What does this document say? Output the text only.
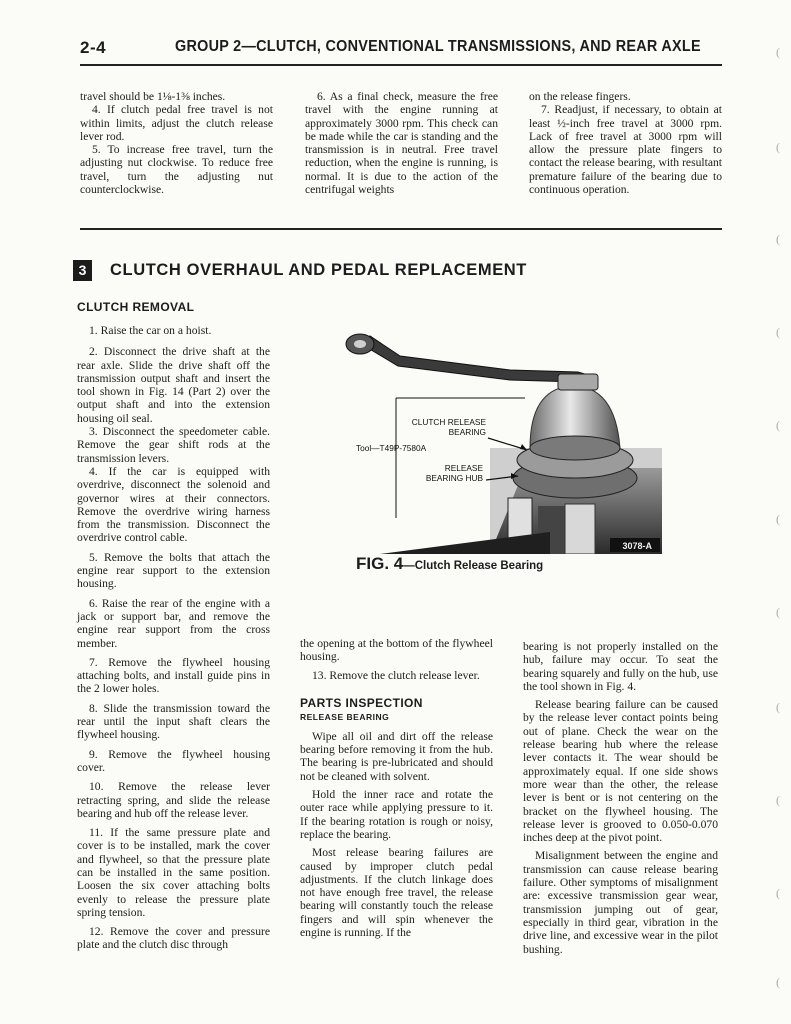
2-4	GROUP 2—CLUTCH, CONVENTIONAL TRANSMISSIONS, AND REAR AXLE

travel should be 1⅛-1⅜ inches.

4. If clutch pedal free travel is not within limits, adjust the clutch release lever rod.

5. To increase free travel, turn the adjusting nut clockwise. To reduce free travel, turn the adjusting nut counterclockwise.

6. As a final check, measure the free travel with the engine running at approximately 3000 rpm. This check can be made while the car is standing and the transmission is in neutral. Free travel reduction, when the engine is running, is normal. It is due to the action of the centrifugal weights

on the release fingers.

7. Readjust, if necessary, to obtain at least ½-inch free travel at 3000 rpm. Lack of free travel at 3000 rpm will allow the pressure plate fingers to contact the release bearing, with resultant premature failure of the bearing due to continuous operation.

3	CLUTCH OVERHAUL AND PEDAL REPLACEMENT

CLUTCH REMOVAL

1. Raise the car on a hoist.

2. Disconnect the drive shaft at the rear axle. Slide the drive shaft off the transmission output shaft and insert the tool shown in Fig. 14 (Part 2) over the output shaft and into the extension housing oil seal.

3. Disconnect the speedometer cable. Remove the gear shift rods at the transmission levers.

4. If the car is equipped with overdrive, disconnect the solenoid and governor wires at their connectors. Remove the overdrive wiring harness from the transmission. Disconnect the overdrive control cable.

5. Remove the bolts that attach the engine rear support to the extension housing.

6. Raise the rear of the engine with a jack or support bar, and remove the engine rear support from the cross member.

7. Remove the flywheel housing attaching bolts, and install guide pins in the 2 lower holes.

8. Slide the transmission toward the rear until the input shaft clears the flywheel housing.

9. Remove the flywheel housing cover.

10. Remove the release lever retracting spring, and slide the release bearing and hub off the release lever.

11. If the same pressure plate and cover is to be installed, mark the cover and flywheel, so that the pressure plate can be installed in the same position. Loosen the six cover attaching bolts evenly to release the pressure plate spring tension.

12. Remove the cover and pressure plate and the clutch disc through

CLUTCH RELEASE
BEARING
Tool—T49P-7580A
RELEASE
BEARING HUB
3078-A
FIG. 4—Clutch Release Bearing

the opening at the bottom of the flywheel housing.

13. Remove the clutch release lever.

PARTS INSPECTION

RELEASE BEARING

Wipe all oil and dirt off the release bearing before removing it from the hub. The bearing is pre-lubricated and should not be cleaned with solvent.

Hold the inner race and rotate the outer race while applying pressure to it. If the bearing rotation is rough or noisy, replace the bearing.

Most release bearing failures are caused by improper clutch pedal adjustments. If the clutch linkage does not have enough free travel, the release bearing will constantly touch the release fingers and will spin whenever the engine is running. If the

bearing is not properly installed on the hub, failure may occur. To seat the bearing squarely and fully on the hub, use the tool shown in Fig. 4.

Release bearing failure can be caused by the release lever contact points being out of plane. Check the wear on the release bearing hub where the release lever contacts it. The wear should be approximately equal. If one side shows more wear than the other, the release lever is bent or is not centering on the bracket on the flywheel housing. The release lever is grooved to 0.050-0.070 inches deep at the pivot point.

Misalignment between the engine and transmission can cause release bearing failure. Other symptoms of misalignment are: excessive transmission gear wear, transmission jumping out of gear, especially in third gear, vibration in the drive line, and excessive wear in the pilot bushing.

(
(
(
(
(
(
(
(
(
(
(
